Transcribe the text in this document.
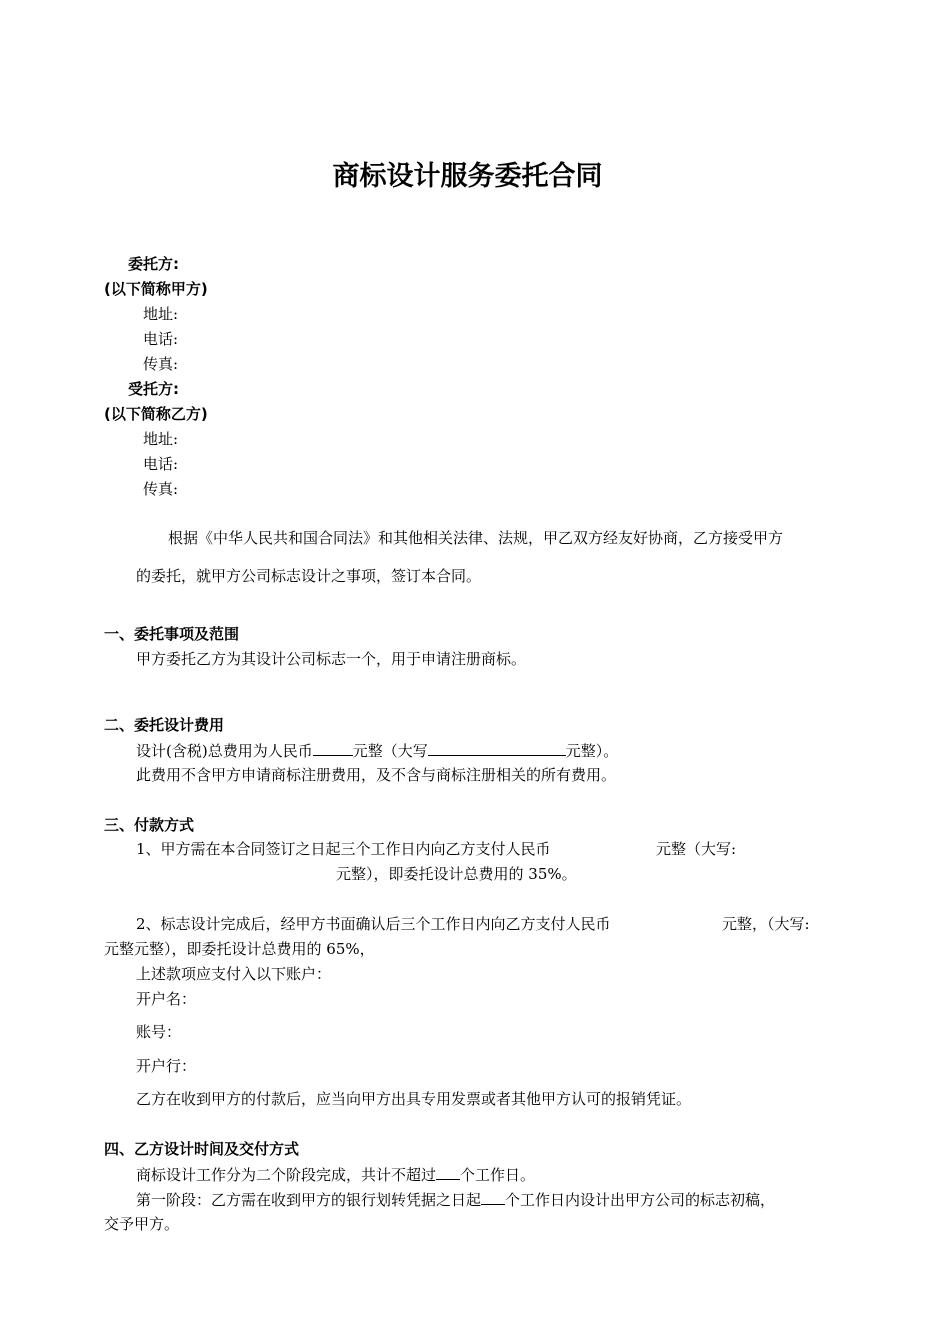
商标设计服务委托合同
委托方:
(以下简称甲方)
地址:
电话:
传真:
受托方:
(以下简称乙方)
地址:
电话:
传真:
根据《中华人民共和国合同法》和其他相关法律、法规，甲乙双方经友好协商，乙方接受甲方
的委托，就甲方公司标志设计之事项，签订本合同。
一、委托事项及范围
甲方委托乙方为其设计公司标志一个，用于申请注册商标。
二、委托设计费用
设计(含税)总费用为人民币	元整（大写	元整）。
此费用不含甲方申请商标注册费用，及不含与商标注册相关的所有费用。
三、付款方式
1、甲方需在本合同签订之日起三个工作日内向乙方支付人民币	元整（大写:
元整），即委托设计总费用的 35%。
2、标志设计完成后，经甲方书面确认后三个工作日内向乙方支付人民币	元整，（大写:
元整元整），即委托设计总费用的 65%，
上述款项应支付入以下账户：
开户名：
账号：
开户行：
乙方在收到甲方的付款后，应当向甲方出具专用发票或者其他甲方认可的报销凭证。
四、乙方设计时间及交付方式
商标设计工作分为二个阶段完成，共计不超过 个工作日。
第一阶段：乙方需在收到甲方的银行划转凭据之日起 个工作日内设计出甲方公司的标志初稿，
交予甲方。
